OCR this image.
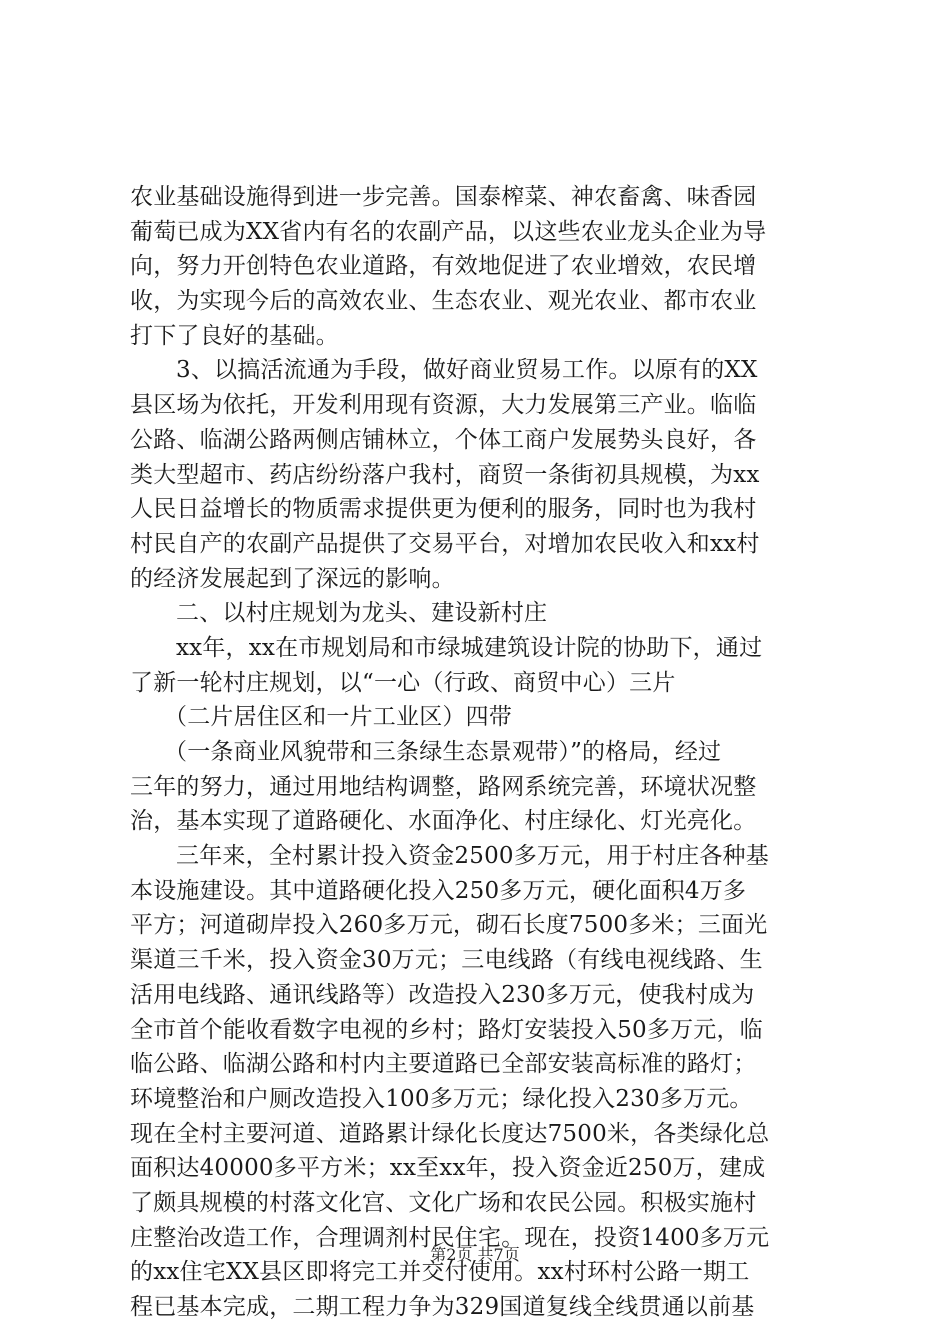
农业基础设施得到进一步完善。国泰榨菜、神农畜禽、味香园
葡萄已成为XX省内有名的农副产品，以这些农业龙头企业为导
向，努力开创特色农业道路，有效地促进了农业增效，农民增
收，为实现今后的高效农业、生态农业、观光农业、都市农业
打下了良好的基础。
3、以搞活流通为手段，做好商业贸易工作。以原有的XX
县区场为依托，开发利用现有资源，大力发展第三产业。临临
公路、临湖公路两侧店铺林立，个体工商户发展势头良好，各
类大型超市、药店纷纷落户我村，商贸一条街初具规模，为xx
人民日益增长的物质需求提供更为便利的服务，同时也为我村
村民自产的农副产品提供了交易平台，对增加农民收入和xx村
的经济发展起到了深远的影响。
二、以村庄规划为龙头、建设新村庄
xx年，xx在市规划局和市绿城建筑设计院的协助下，通过
了新一轮村庄规划，以“一心（行政、商贸中心）三片
（二片居住区和一片工业区）四带
（一条商业风貌带和三条绿生态景观带）”的格局，经过
三年的努力，通过用地结构调整，路网系统完善，环境状况整
治，基本实现了道路硬化、水面净化、村庄绿化、灯光亮化。
三年来，全村累计投入资金2500多万元，用于村庄各种基
本设施建设。其中道路硬化投入250多万元，硬化面积4万多
平方；河道砌岸投入260多万元，砌石长度7500多米；三面光
渠道三千米，投入资金30万元；三电线路（有线电视线路、生
活用电线路、通讯线路等）改造投入230多万元，使我村成为
全市首个能收看数字电视的乡村；路灯安装投入50多万元，临
临公路、临湖公路和村内主要道路已全部安装高标准的路灯；
环境整治和户厕改造投入100多万元；绿化投入230多万元。
现在全村主要河道、道路累计绿化长度达7500米，各类绿化总
面积达40000多平方米；xx至xx年，投入资金近250万，建成
了颇具规模的村落文化宫、文化广场和农民公园。积极实施村
庄整治改造工作，合理调剂村民住宅。现在，投资1400多万元
的xx住宅XX县区即将完工并交付使用。xx村环村公路一期工
程已基本完成，二期工程力争为329国道复线全线贯通以前基
第2页 共7页
